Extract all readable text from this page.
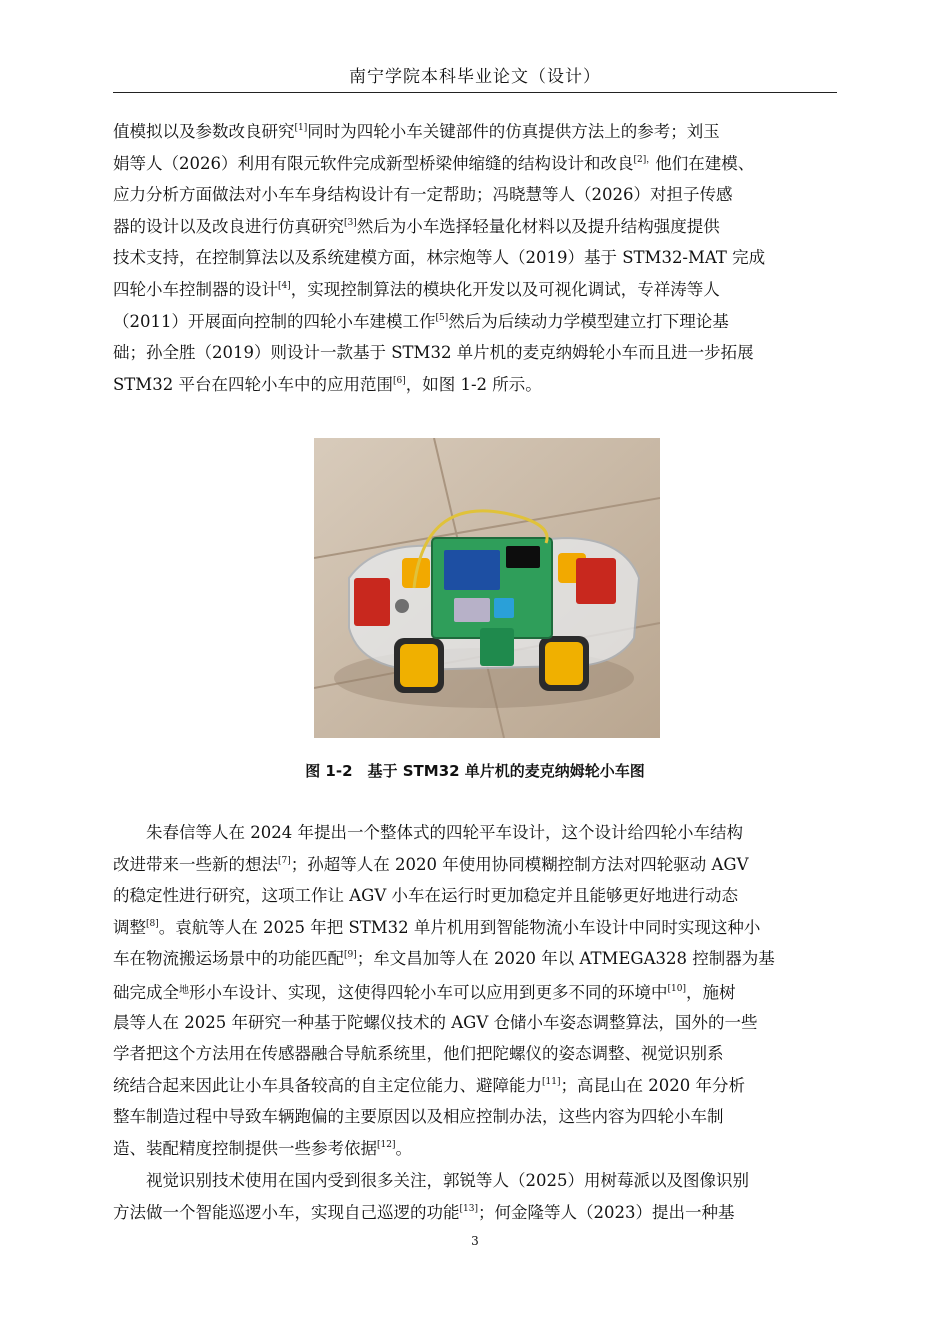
南宁学院本科毕业论文（设计）
值模拟以及参数改良研究[1]同时为四轮小车关键部件的仿真提供方法上的参考；刘玉
娟等人（2026）利用有限元软件完成新型桥梁伸缩缝的结构设计和改良$^{[2],}$他们在建模、
应力分析方面做法对小车车身结构设计有一定帮助；冯晓慧等人（2026）对担子传感
器的设计以及改良进行仿真研究[3]然后为小车选择轻量化材料以及提升结构强度提供
技术支持，在控制算法以及系统建模方面，林宗炮等人（2019）基于 STM32-MAT 完成
四轮小车控制器的设计[4]，实现控制算法的模块化开发以及可视化调试，专祥涛等人
（2011）开展面向控制的四轮小车建模工作[5]然后为后续动力学模型建立打下理论基
础；孙全胜（2019）则设计一款基于 STM32 单片机的麦克纳姆轮小车而且进一步拓展
STM32 平台在四轮小车中的应用范围[6]，如图 1-2 所示。
图 1-2　基于 STM32 单片机的麦克纳姆轮小车图
　　朱春信等人在 2024 年提出一个整体式的四轮平车设计，这个设计给四轮小车结构
改进带来一些新的想法[7]；孙超等人在 2020 年使用协同模糊控制方法对四轮驱动 AGV
的稳定性进行研究，这项工作让 AGV 小车在运行时更加稳定并且能够更好地进行动态
调整[8]。袁航等人在 2025 年把 STM32 单片机用到智能物流小车设计中同时实现这种小
车在物流搬运场景中的功能匹配[9]；牟文昌加等人在 2020 年以 ATMEGA328 控制器为基
础完成全$^地$形小车设计、实现，这使得四轮小车可以应用到更多不同的环境中[10]，施树
晨等人在 2025 年研究一种基于陀螺仪技术的 AGV 仓储小车姿态调整算法，国外的一些
学者把这个方法用在传感器融合导航系统里，他们把陀螺仪的姿态调整、视觉识别系
统结合起来因此让小车具备较高的自主定位能力、避障能力[11]；高昆山在 2020 年分析
整车制造过程中导致车辆跑偏的主要原因以及相应控制办法，这些内容为四轮小车制
造、装配精度控制提供一些参考依据[12]。
　　视觉识别技术使用在国内受到很多关注，郭锐等人（2025）用树莓派以及图像识别
方法做一个智能巡逻小车，实现自己巡逻的功能[13]；何金隆等人（2023）提出一种基
3
